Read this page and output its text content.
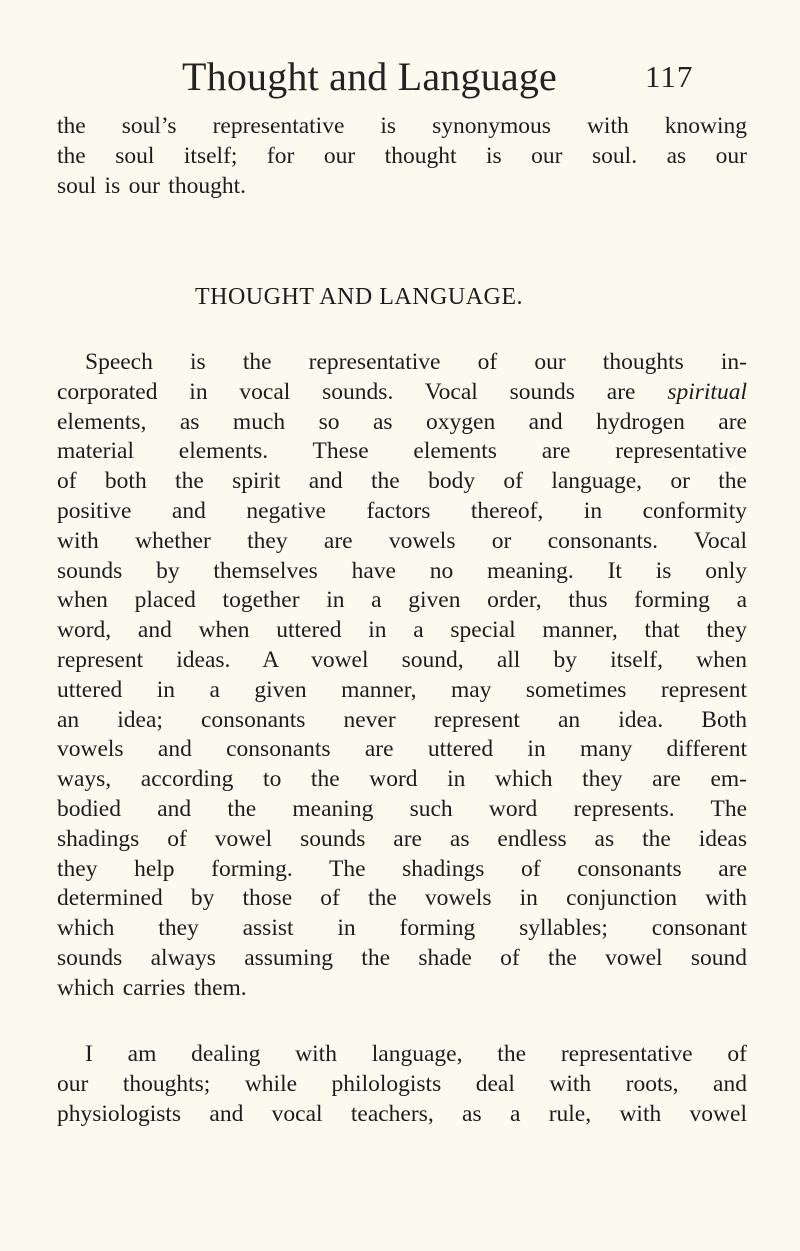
Thought and Language	117
the soul’s representative is synonymous with knowing
the soul itself; for our thought is our soul. as our
soul is our thought.
THOUGHT AND LANGUAGE.
Speech is the representative of our thoughts in-
corporated in vocal sounds. Vocal sounds are spiritual
elements, as much so as oxygen and hydrogen are
material elements. These elements are representative
of both the spirit and the body of language, or the
positive and negative factors thereof, in conformity
with whether they are vowels or consonants. Vocal
sounds by themselves have no meaning. It is only
when placed together in a given order, thus forming a
word, and when uttered in a special manner, that they
represent ideas. A vowel sound, all by itself, when
uttered in a given manner, may sometimes represent
an idea; consonants never represent an idea. Both
vowels and consonants are uttered in many different
ways, according to the word in which they are em-
bodied and the meaning such word represents. The
shadings of vowel sounds are as endless as the ideas
they help forming. The shadings of consonants are
determined by those of the vowels in conjunction with
which they assist in forming syllables; consonant
sounds always assuming the shade of the vowel sound
which carries them.
I am dealing with language, the representative of
our thoughts; while philologists deal with roots, and
physiologists and vocal teachers, as a rule, with vowel
